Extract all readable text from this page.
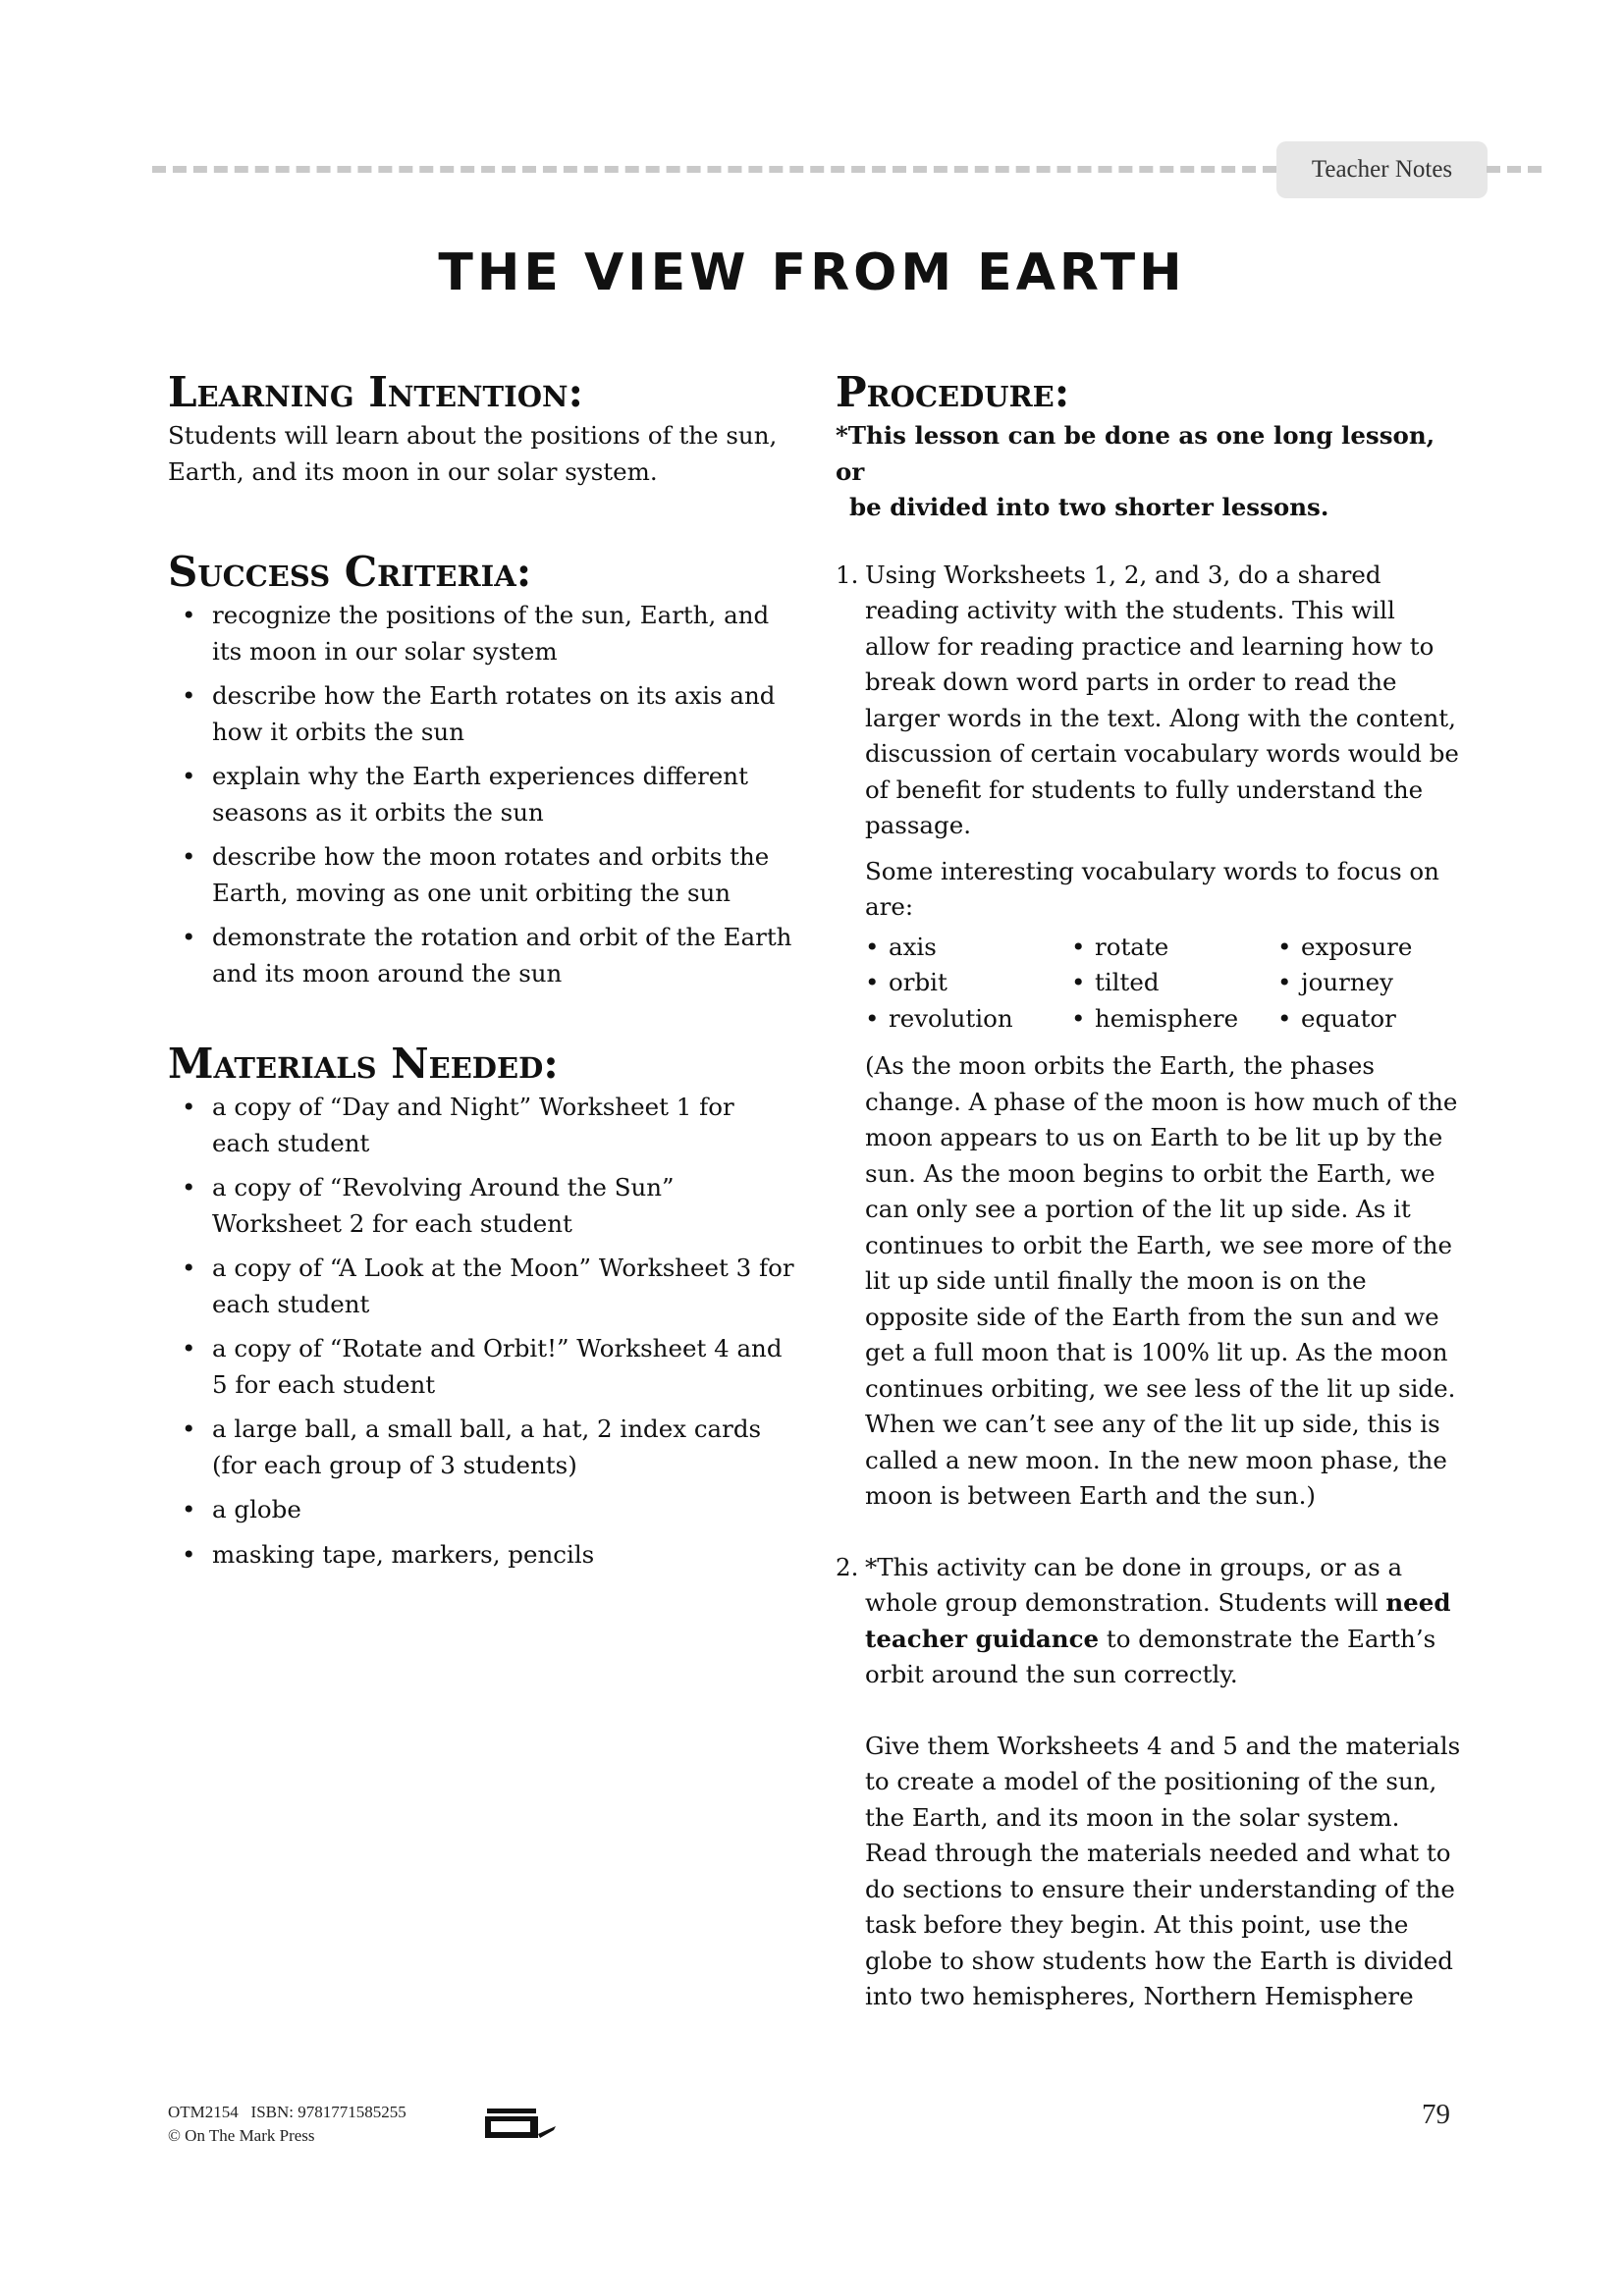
Teacher Notes
THE VIEW FROM EARTH
Learning Intention:

Students will learn about the positions of the sun, Earth, and its moon in our solar system.

Success Criteria:
• recognize the positions of the sun, Earth, and its moon in our solar system
• describe how the Earth rotates on its axis and how it orbits the sun
• explain why the Earth experiences different seasons as it orbits the sun
• describe how the moon rotates and orbits the Earth, moving as one unit orbiting the sun
• demonstrate the rotation and orbit of the Earth and its moon around the sun
Materials Needed:
• a copy of “Day and Night” Worksheet 1 for each student
• a copy of “Revolving Around the Sun” Worksheet 2 for each student
• a copy of “A Look at the Moon” Worksheet 3 for each student
• a copy of “Rotate and Orbit!” Worksheet 4 and 5 for each student
• a large ball, a small ball, a hat, 2 index cards (for each group of 3 students)
• a globe
• masking tape, markers, pencils
Procedure:

*This lesson can be done as one long lesson, or
be divided into two shorter lessons.

1. Using Worksheets 1, 2, and 3, do a shared reading activity with the students. This will allow for reading practice and learning how to break down word parts in order to read the larger words in the text. Along with the content, discussion of certain vocabulary words would be of benefit for students to fully understand the passage.

Some interesting vocabulary words to focus on are:

• axis	• rotate	• exposure
• orbit	• tilted	• journey
• revolution	• hemisphere	• equator

(As the moon orbits the Earth, the phases change. A phase of the moon is how much of the moon appears to us on Earth to be lit up by the sun. As the moon begins to orbit the Earth, we can only see a portion of the lit up side. As it continues to orbit the Earth, we see more of the lit up side until finally the moon is on the opposite side of the Earth from the sun and we get a full moon that is 100% lit up. As the moon continues orbiting, we see less of the lit up side. When we can’t see any of the lit up side, this is called a new moon. In the new moon phase, the moon is between Earth and the sun.)

2. *This activity can be done in groups, or as a whole group demonstration. Students will need teacher guidance to demonstrate the Earth’s orbit around the sun correctly.

Give them Worksheets 4 and 5 and the materials to create a model of the positioning of the sun, the Earth, and its moon in the solar system. Read through the materials needed and what to do sections to ensure their understanding of the task before they begin. At this point, use the globe to show students how the Earth is divided into two hemispheres, Northern Hemisphere

OTM2154 ISBN: 9781771585255
© On The Mark Press
79
